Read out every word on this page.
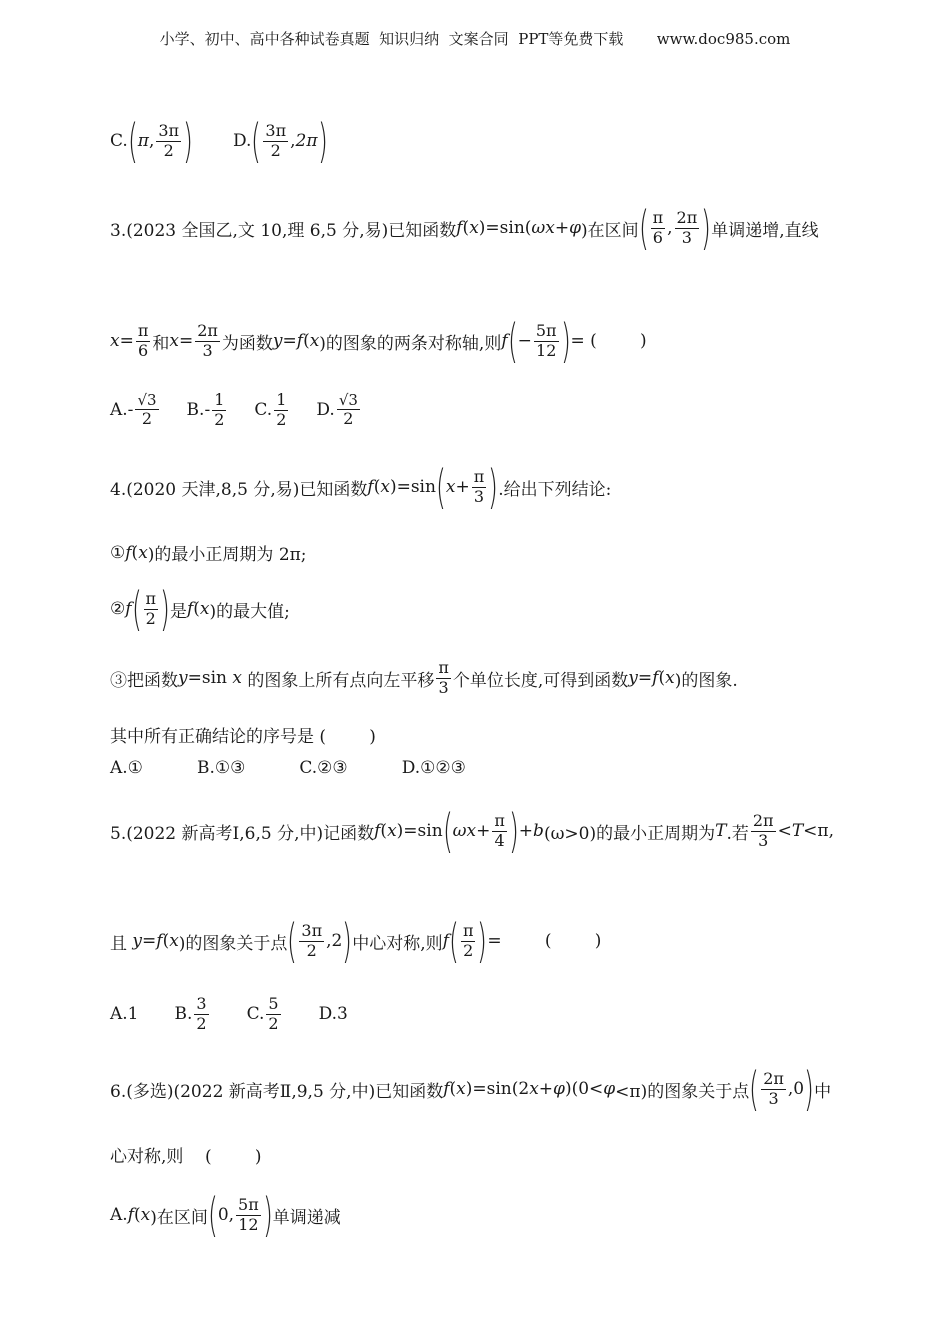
小学、初中、高中各种试卷真题  知识归纳  文案合同  PPT等免费下载       www.doc985.com
C. ( π , $\frac{3\pi}{2}$ ) D. ( $\frac{3\pi}{2}$ , 2π )
3.(2023 全国乙,文 10,理 6,5 分,易)已知函数 f ( x )=sin( ω x + φ )在区间 ( $\frac{\pi}{6}$ , $\frac{2\pi}{3}$ ) 单调递增,直线
$x = \frac{\pi}{6}$ 和 $x = \frac{2\pi}{3}$ 为函数 y = f ( x )的图象的两条对称轴,则 f ( − $\frac{5\pi}{12}$ ) = (        )
$A.- \frac{√3}{2} B.- \frac{1}{2} C$. $\frac{1}{2} D$. $\frac{√3}{2}$
4.(2020 天津,8,5 分,易)已知函数 f ( x )=sin ( $x + \frac{\pi}{3}$ ) .给出下列结论:
① f ( x )的最小正周期为 2π;
② f ( $\frac{\pi}{2}$ ) 是 f ( x )的最大值;
③把函数 y =sin
x
的图象上所有点向左平移 $\frac{\pi}{3}$ 个单位长度,可得到函数 y = f ( x )的图象.
其中所有正确结论的序号是 (        )
A.①          B.①③          C.②③          D.①②③
5.(2022 新高考Ⅰ,6,5 分,中)记函数 f ( x )=sin ( ω $x + \frac{\pi}{4}$ ) + b (ω>0)的最小正周期为 T .若 $\frac{2\pi}{3} < T <\pi$,
且
y = f ( x )的图象关于点 ( $\frac{3\pi}{2}$ , 2 ) 中心对称,则 f ( $\frac{\pi}{2}$ ) =        (        )
A.1 B. $\frac{3}{2} C$. $\frac{5}{2} D.3$
6.(多选)(2022 新高考Ⅱ,9,5 分,中)已知函数 f ( x )=sin(2 x + φ )(0< φ <π)的图象关于点 ( $\frac{2\pi}{3}$ , 0 ) 中
心对称,则    (        )
A. f ( x )在区间 ( 0 , $\frac{5\pi}{12}$ ) 单调递减
